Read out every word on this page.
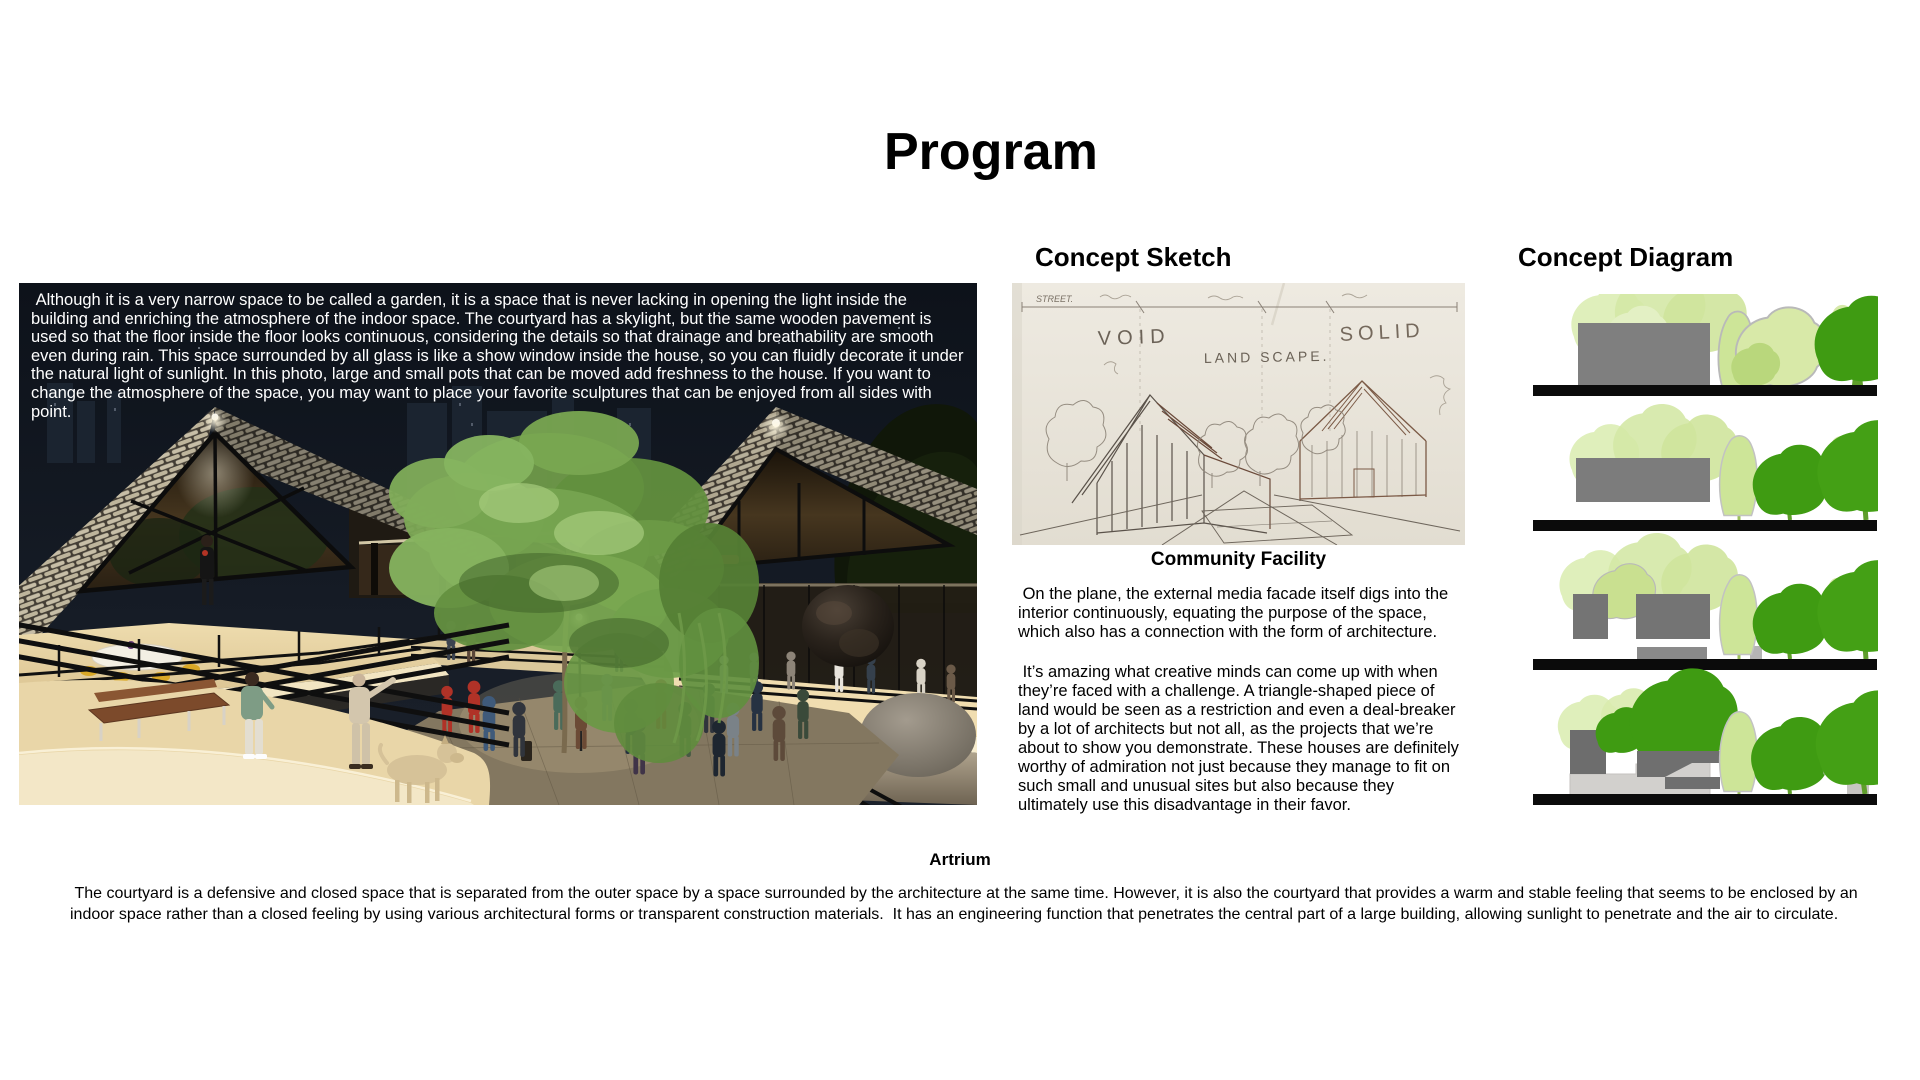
Program
Although it is a very narrow space to be called a garden, it is a space that is never lacking in opening the light inside the building and enriching the atmosphere of the indoor space. The courtyard has a skylight, but the same wooden pavement is used so that the floor inside the floor looks continuous, considering the details so that drainage and breathability are smooth even during rain. This space surrounded by all glass is like a show window inside the house, so you can fluidly decorate it under the natural light of sunlight. In this photo, large and small pots that can be moved add freshness to the house. If you want to change the atmosphere of the space, you may want to place your favorite sculptures that can be enjoyed from all sides with point.
Concept Sketch
STREET.
VOID
LAND SCAPE.
SOLID
Community Facility

On the plane, the external media facade itself digs into the interior continuously, equating the purpose of the space, which also has a connection with the form of architecture.

It’s amazing what creative minds can come up with when they’re faced with a challenge. A triangle-shaped piece of land would be seen as a restriction and even a deal-breaker by a lot of architects but not all, as the projects that we’re about to show you demonstrate. These houses are definitely worthy of admiration not just because they manage to fit on such small and unusual sites but also because they ultimately use this disadvantage in their favor.

Concept Diagram
Artrium

The courtyard is a defensive and closed space that is separated from the outer space by a space surrounded by the architecture at the same time. However, it is also the courtyard that provides a warm and stable feeling that seems to be enclosed by an indoor space rather than a closed feeling by using various architectural forms or transparent construction materials.  It has an engineering function that penetrates the central part of a large building, allowing sunlight to penetrate and the air to circulate.
